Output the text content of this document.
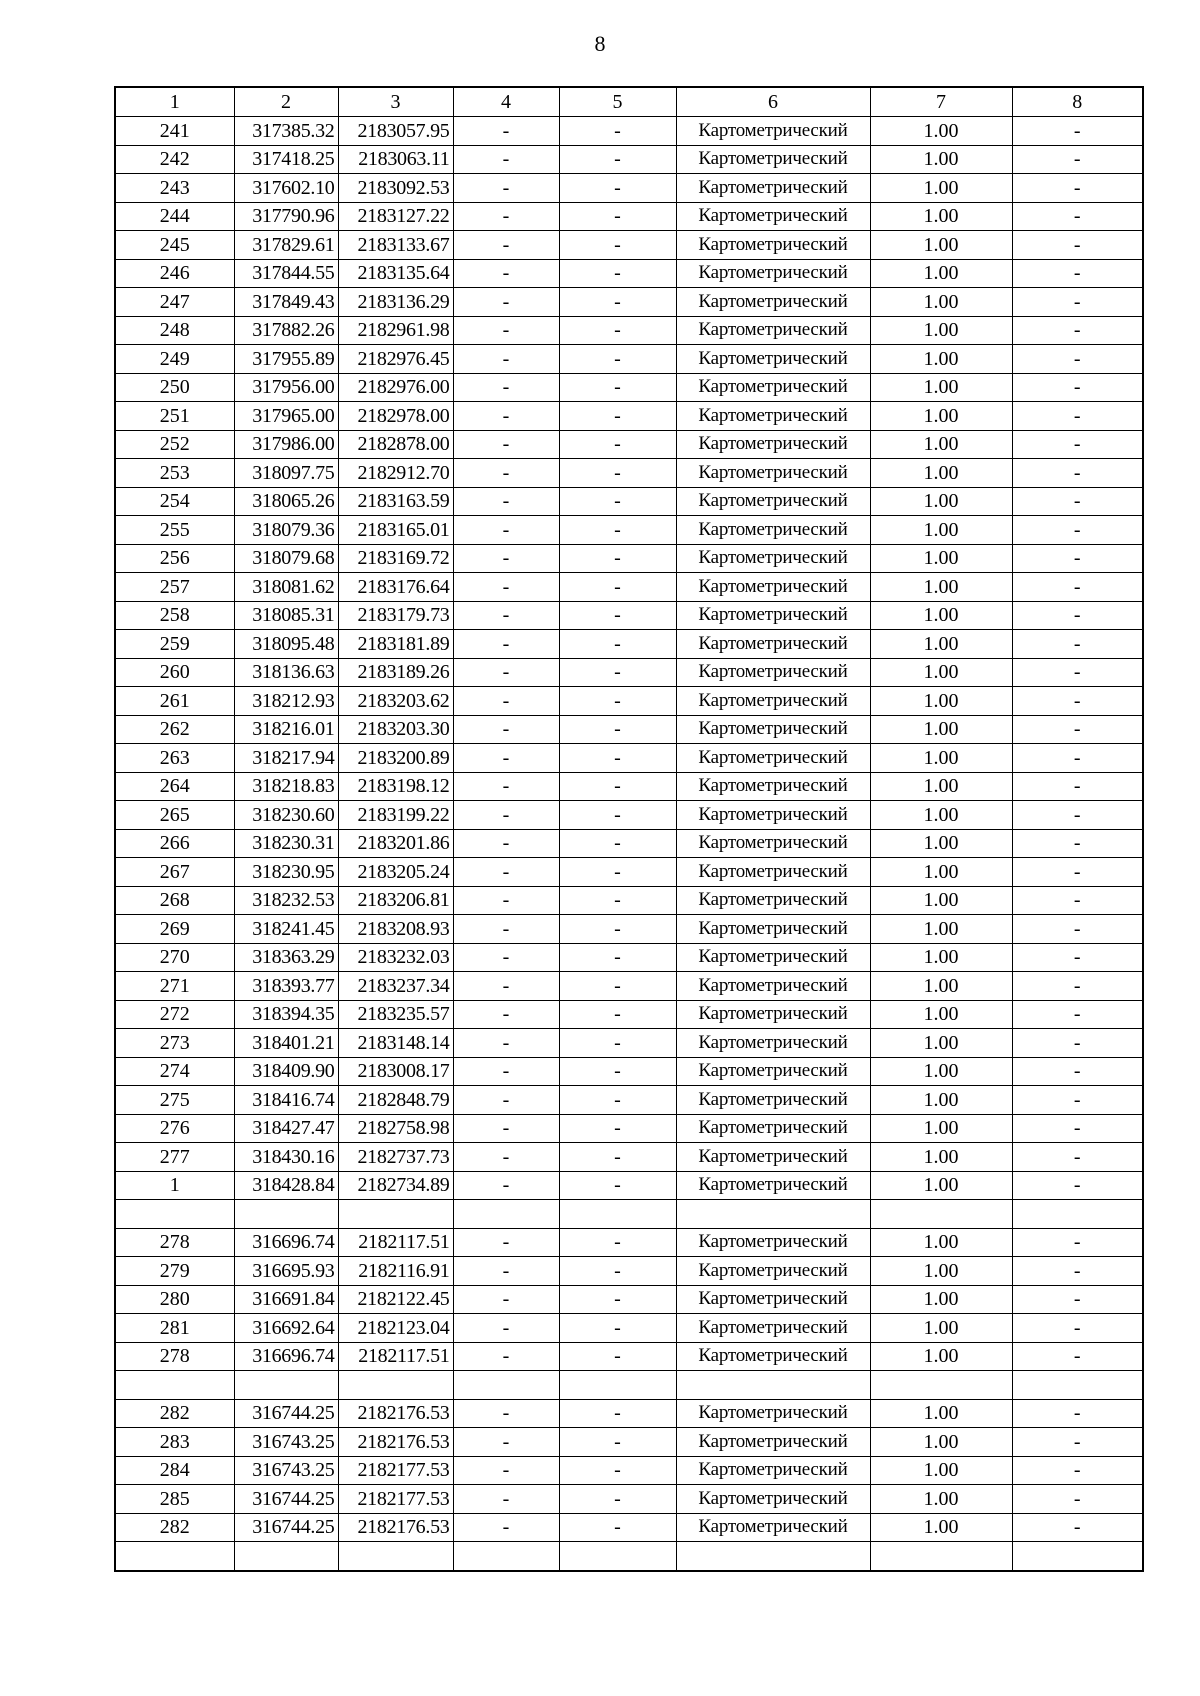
8
1	2	3	4	5	6	7	8
241	317385.32	2183057.95	-	-	Картометрический	1.00	-
242	317418.25	2183063.11	-	-	Картометрический	1.00	-
243	317602.10	2183092.53	-	-	Картометрический	1.00	-
244	317790.96	2183127.22	-	-	Картометрический	1.00	-
245	317829.61	2183133.67	-	-	Картометрический	1.00	-
246	317844.55	2183135.64	-	-	Картометрический	1.00	-
247	317849.43	2183136.29	-	-	Картометрический	1.00	-
248	317882.26	2182961.98	-	-	Картометрический	1.00	-
249	317955.89	2182976.45	-	-	Картометрический	1.00	-
250	317956.00	2182976.00	-	-	Картометрический	1.00	-
251	317965.00	2182978.00	-	-	Картометрический	1.00	-
252	317986.00	2182878.00	-	-	Картометрический	1.00	-
253	318097.75	2182912.70	-	-	Картометрический	1.00	-
254	318065.26	2183163.59	-	-	Картометрический	1.00	-
255	318079.36	2183165.01	-	-	Картометрический	1.00	-
256	318079.68	2183169.72	-	-	Картометрический	1.00	-
257	318081.62	2183176.64	-	-	Картометрический	1.00	-
258	318085.31	2183179.73	-	-	Картометрический	1.00	-
259	318095.48	2183181.89	-	-	Картометрический	1.00	-
260	318136.63	2183189.26	-	-	Картометрический	1.00	-
261	318212.93	2183203.62	-	-	Картометрический	1.00	-
262	318216.01	2183203.30	-	-	Картометрический	1.00	-
263	318217.94	2183200.89	-	-	Картометрический	1.00	-
264	318218.83	2183198.12	-	-	Картометрический	1.00	-
265	318230.60	2183199.22	-	-	Картометрический	1.00	-
266	318230.31	2183201.86	-	-	Картометрический	1.00	-
267	318230.95	2183205.24	-	-	Картометрический	1.00	-
268	318232.53	2183206.81	-	-	Картометрический	1.00	-
269	318241.45	2183208.93	-	-	Картометрический	1.00	-
270	318363.29	2183232.03	-	-	Картометрический	1.00	-
271	318393.77	2183237.34	-	-	Картометрический	1.00	-
272	318394.35	2183235.57	-	-	Картометрический	1.00	-
273	318401.21	2183148.14	-	-	Картометрический	1.00	-
274	318409.90	2183008.17	-	-	Картометрический	1.00	-
275	318416.74	2182848.79	-	-	Картометрический	1.00	-
276	318427.47	2182758.98	-	-	Картометрический	1.00	-
277	318430.16	2182737.73	-	-	Картометрический	1.00	-
1	318428.84	2182734.89	-	-	Картометрический	1.00	-

278	316696.74	2182117.51	-	-	Картометрический	1.00	-
279	316695.93	2182116.91	-	-	Картометрический	1.00	-
280	316691.84	2182122.45	-	-	Картометрический	1.00	-
281	316692.64	2182123.04	-	-	Картометрический	1.00	-
278	316696.74	2182117.51	-	-	Картометрический	1.00	-

282	316744.25	2182176.53	-	-	Картометрический	1.00	-
283	316743.25	2182176.53	-	-	Картометрический	1.00	-
284	316743.25	2182177.53	-	-	Картометрический	1.00	-
285	316744.25	2182177.53	-	-	Картометрический	1.00	-
282	316744.25	2182176.53	-	-	Картометрический	1.00	-
